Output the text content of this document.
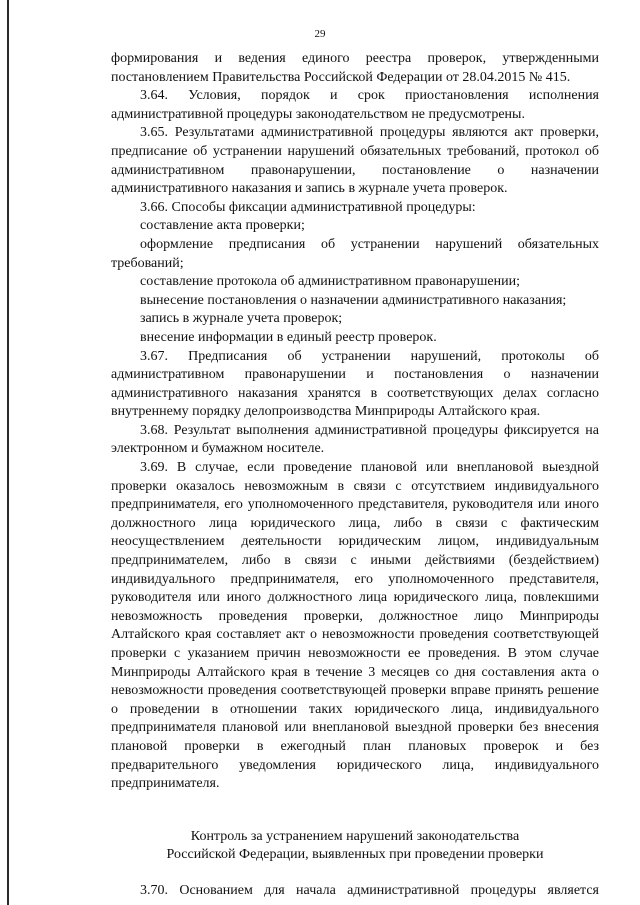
29

формирования и ведения единого реестра проверок, утвержденными постановлением Правительства Российской Федерации от 28.04.2015 № 415.

3.64. Условия, порядок и срок приостановления исполнения административной процедуры законодательством не предусмотрены.

3.65. Результатами административной процедуры являются акт проверки, предписание об устранении нарушений обязательных требований, протокол об административном правонарушении, постановление о назначении административного наказания и запись в журнале учета проверок.

3.66. Способы фиксации административной процедуры:

составление акта проверки;

оформление предписания об устранении нарушений обязательных требований;

составление протокола об административном правонарушении;

вынесение постановления о назначении административного наказания;

запись в журнале учета проверок;

внесение информации в единый реестр проверок.

3.67. Предписания об устранении нарушений, протоколы об административном правонарушении и постановления о назначении административного наказания хранятся в соответствующих делах согласно внутреннему порядку делопроизводства Минприроды Алтайского края.

3.68. Результат выполнения административной процедуры фиксируется на электронном и бумажном носителе.

3.69. В случае, если проведение плановой или внеплановой выездной проверки оказалось невозможным в связи с отсутствием индивидуального предпринимателя, его уполномоченного представителя, руководителя или иного должностного лица юридического лица, либо в связи с фактическим неосуществлением деятельности юридическим лицом, индивидуальным предпринимателем, либо в связи с иными действиями (бездействием) индивидуального предпринимателя, его уполномоченного представителя, руководителя или иного должностного лица юридического лица, повлекшими невозможность проведения проверки, должностное лицо Минприроды Алтайского края составляет акт о невозможности проведения соответствующей проверки с указанием причин невозможности ее проведения. В этом случае Минприроды Алтайского края в течение 3 месяцев со дня составления акта о невозможности проведения соответствующей проверки вправе принять решение о проведении в отношении таких юридического лица, индивидуального предпринимателя плановой или внеплановой выездной проверки без внесения плановой проверки в ежегодный план плановых проверок и без предварительного уведомления юридического лица, индивидуального предпринимателя.

Контроль за устранением нарушений законодательства
Российской Федерации, выявленных при проведении проверки

3.70. Основанием для начала административной процедуры является
